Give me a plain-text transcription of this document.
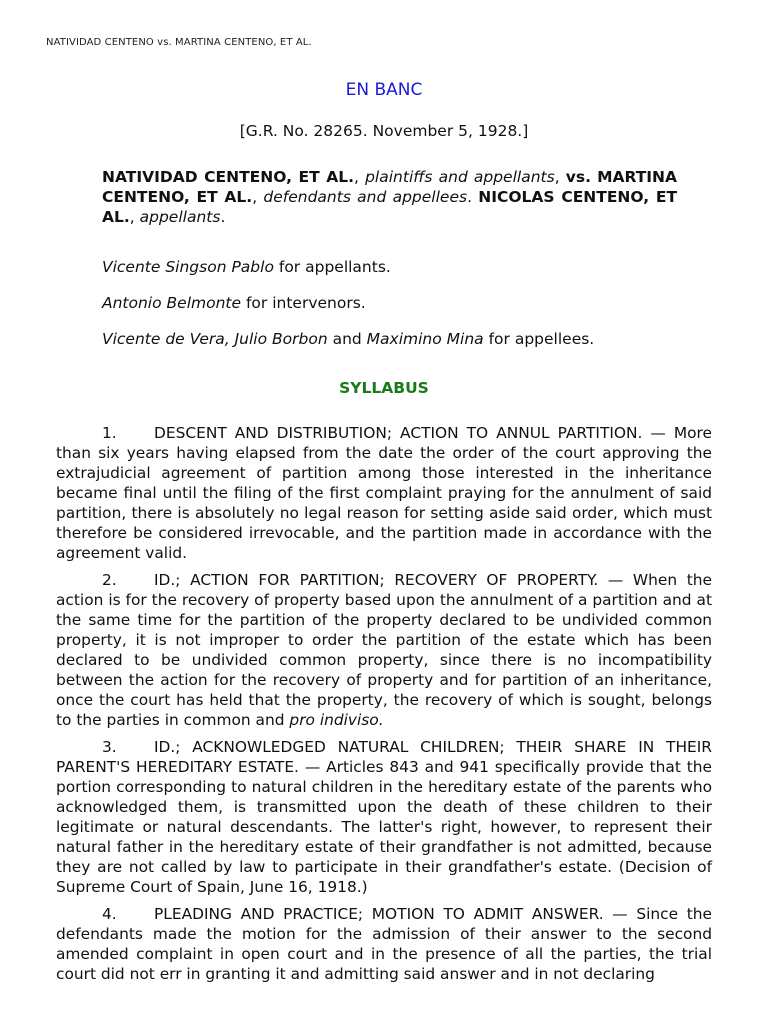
NATIVIDAD CENTENO vs. MARTINA CENTENO, ET AL.
EN BANC
[G.R. No. 28265. November 5, 1928.]
NATIVIDAD CENTENO, ET AL., plaintiffs and appellants, vs. MARTINA CENTENO, ET AL., defendants and appellees. NICOLAS CENTENO, ET AL., appellants.
Vicente Singson Pablo for appellants.
Antonio Belmonte for intervenors.
Vicente de Vera, Julio Borbon and Maximino Mina for appellees.
SYLLABUS

1. DESCENT AND DISTRIBUTION; ACTION TO ANNUL PARTITION. — More than six years having elapsed from the date the order of the court approving the extrajudicial agreement of partition among those interested in the inheritance became final until the filing of the first complaint praying for the annulment of said partition, there is absolutely no legal reason for setting aside said order, which must therefore be considered irrevocable, and the partition made in accordance with the agreement valid.

2. ID.; ACTION FOR PARTITION; RECOVERY OF PROPERTY. — When the action is for the recovery of property based upon the annulment of a partition and at the same time for the partition of the property declared to be undivided common property, it is not improper to order the partition of the estate which has been declared to be undivided common property, since there is no incompatibility between the action for the recovery of property and for partition of an inheritance, once the court has held that the property, the recovery of which is sought, belongs to the parties in common and pro indiviso.

3. ID.; ACKNOWLEDGED NATURAL CHILDREN; THEIR SHARE IN THEIR PARENT'S HEREDITARY ESTATE. — Articles 843 and 941 specifically provide that the portion corresponding to natural children in the hereditary estate of the parents who acknowledged them, is transmitted upon the death of these children to their legitimate or natural descendants. The latter's right, however, to represent their natural father in the hereditary estate of their grandfather is not admitted, because they are not called by law to participate in their grandfather's estate. (Decision of Supreme Court of Spain, June 16, 1918.)

4. PLEADING AND PRACTICE; MOTION TO ADMIT ANSWER. — Since the defendants made the motion for the admission of their answer to the second amended complaint in open court and in the presence of all the parties, the trial court did not err in granting it and admitting said answer and in not declaring
